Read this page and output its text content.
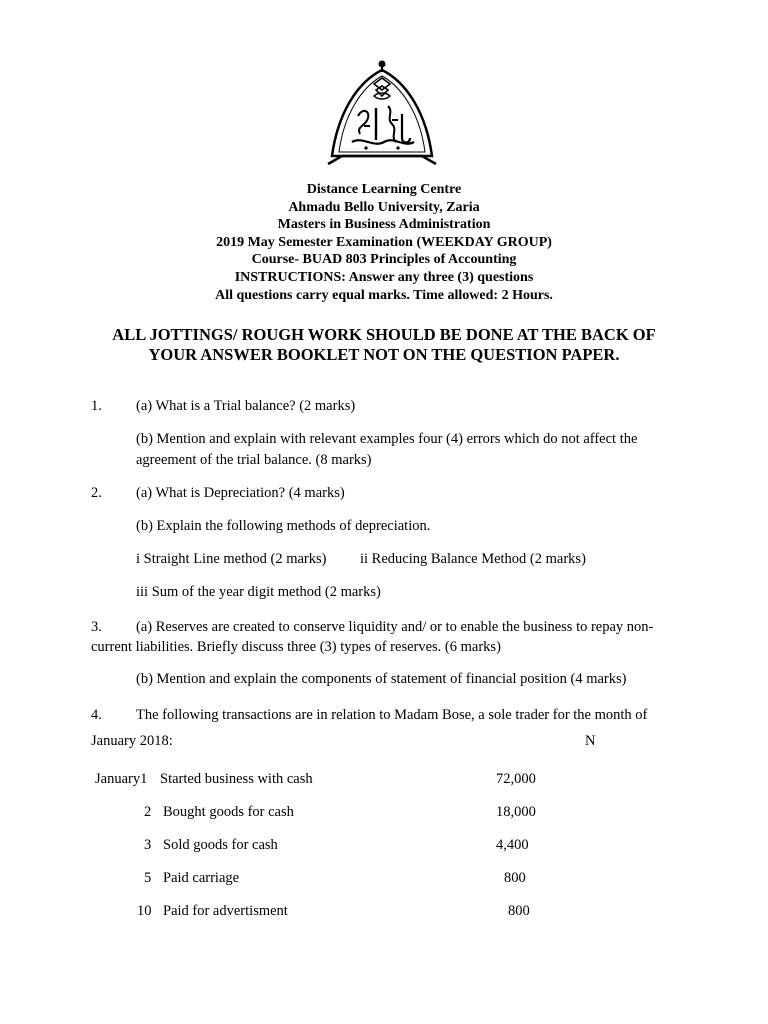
Distance Learning Centre
Ahmadu Bello University, Zaria
Masters in Business Administration
2019 May Semester Examination (WEEKDAY GROUP)
Course- BUAD 803 Principles of Accounting
INSTRUCTIONS: Answer any three (3) questions
All questions carry equal marks. Time allowed: 2 Hours.
ALL JOTTINGS/ ROUGH WORK SHOULD BE DONE AT THE BACK OF
YOUR ANSWER BOOKLET NOT ON THE QUESTION PAPER.
1. (a) What is a Trial balance? (2 marks)
(b) Mention and explain with relevant examples four (4) errors which do not affect the
agreement of the trial balance. (8 marks)
2. (a) What is Depreciation? (4 marks)
(b) Explain the following methods of depreciation.
i Straight Line method (2 marks) ii Reducing Balance Method (2 marks)
iii Sum of the year digit method (2 marks)
3. (a) Reserves are created to conserve liquidity and/ or to enable the business to repay non-
current liabilities. Briefly discuss three (3) types of reserves. (6 marks)
(b) Mention and explain the components of statement of financial position (4 marks)
4. The following transactions are in relation to Madam Bose, a sole trader for the month of
January 2018:	N
January1 Started business with cash	72,000
2 Bought goods for cash	18,000
3 Sold goods for cash	4,400
5 Paid carriage	800
10 Paid for advertisment	800
